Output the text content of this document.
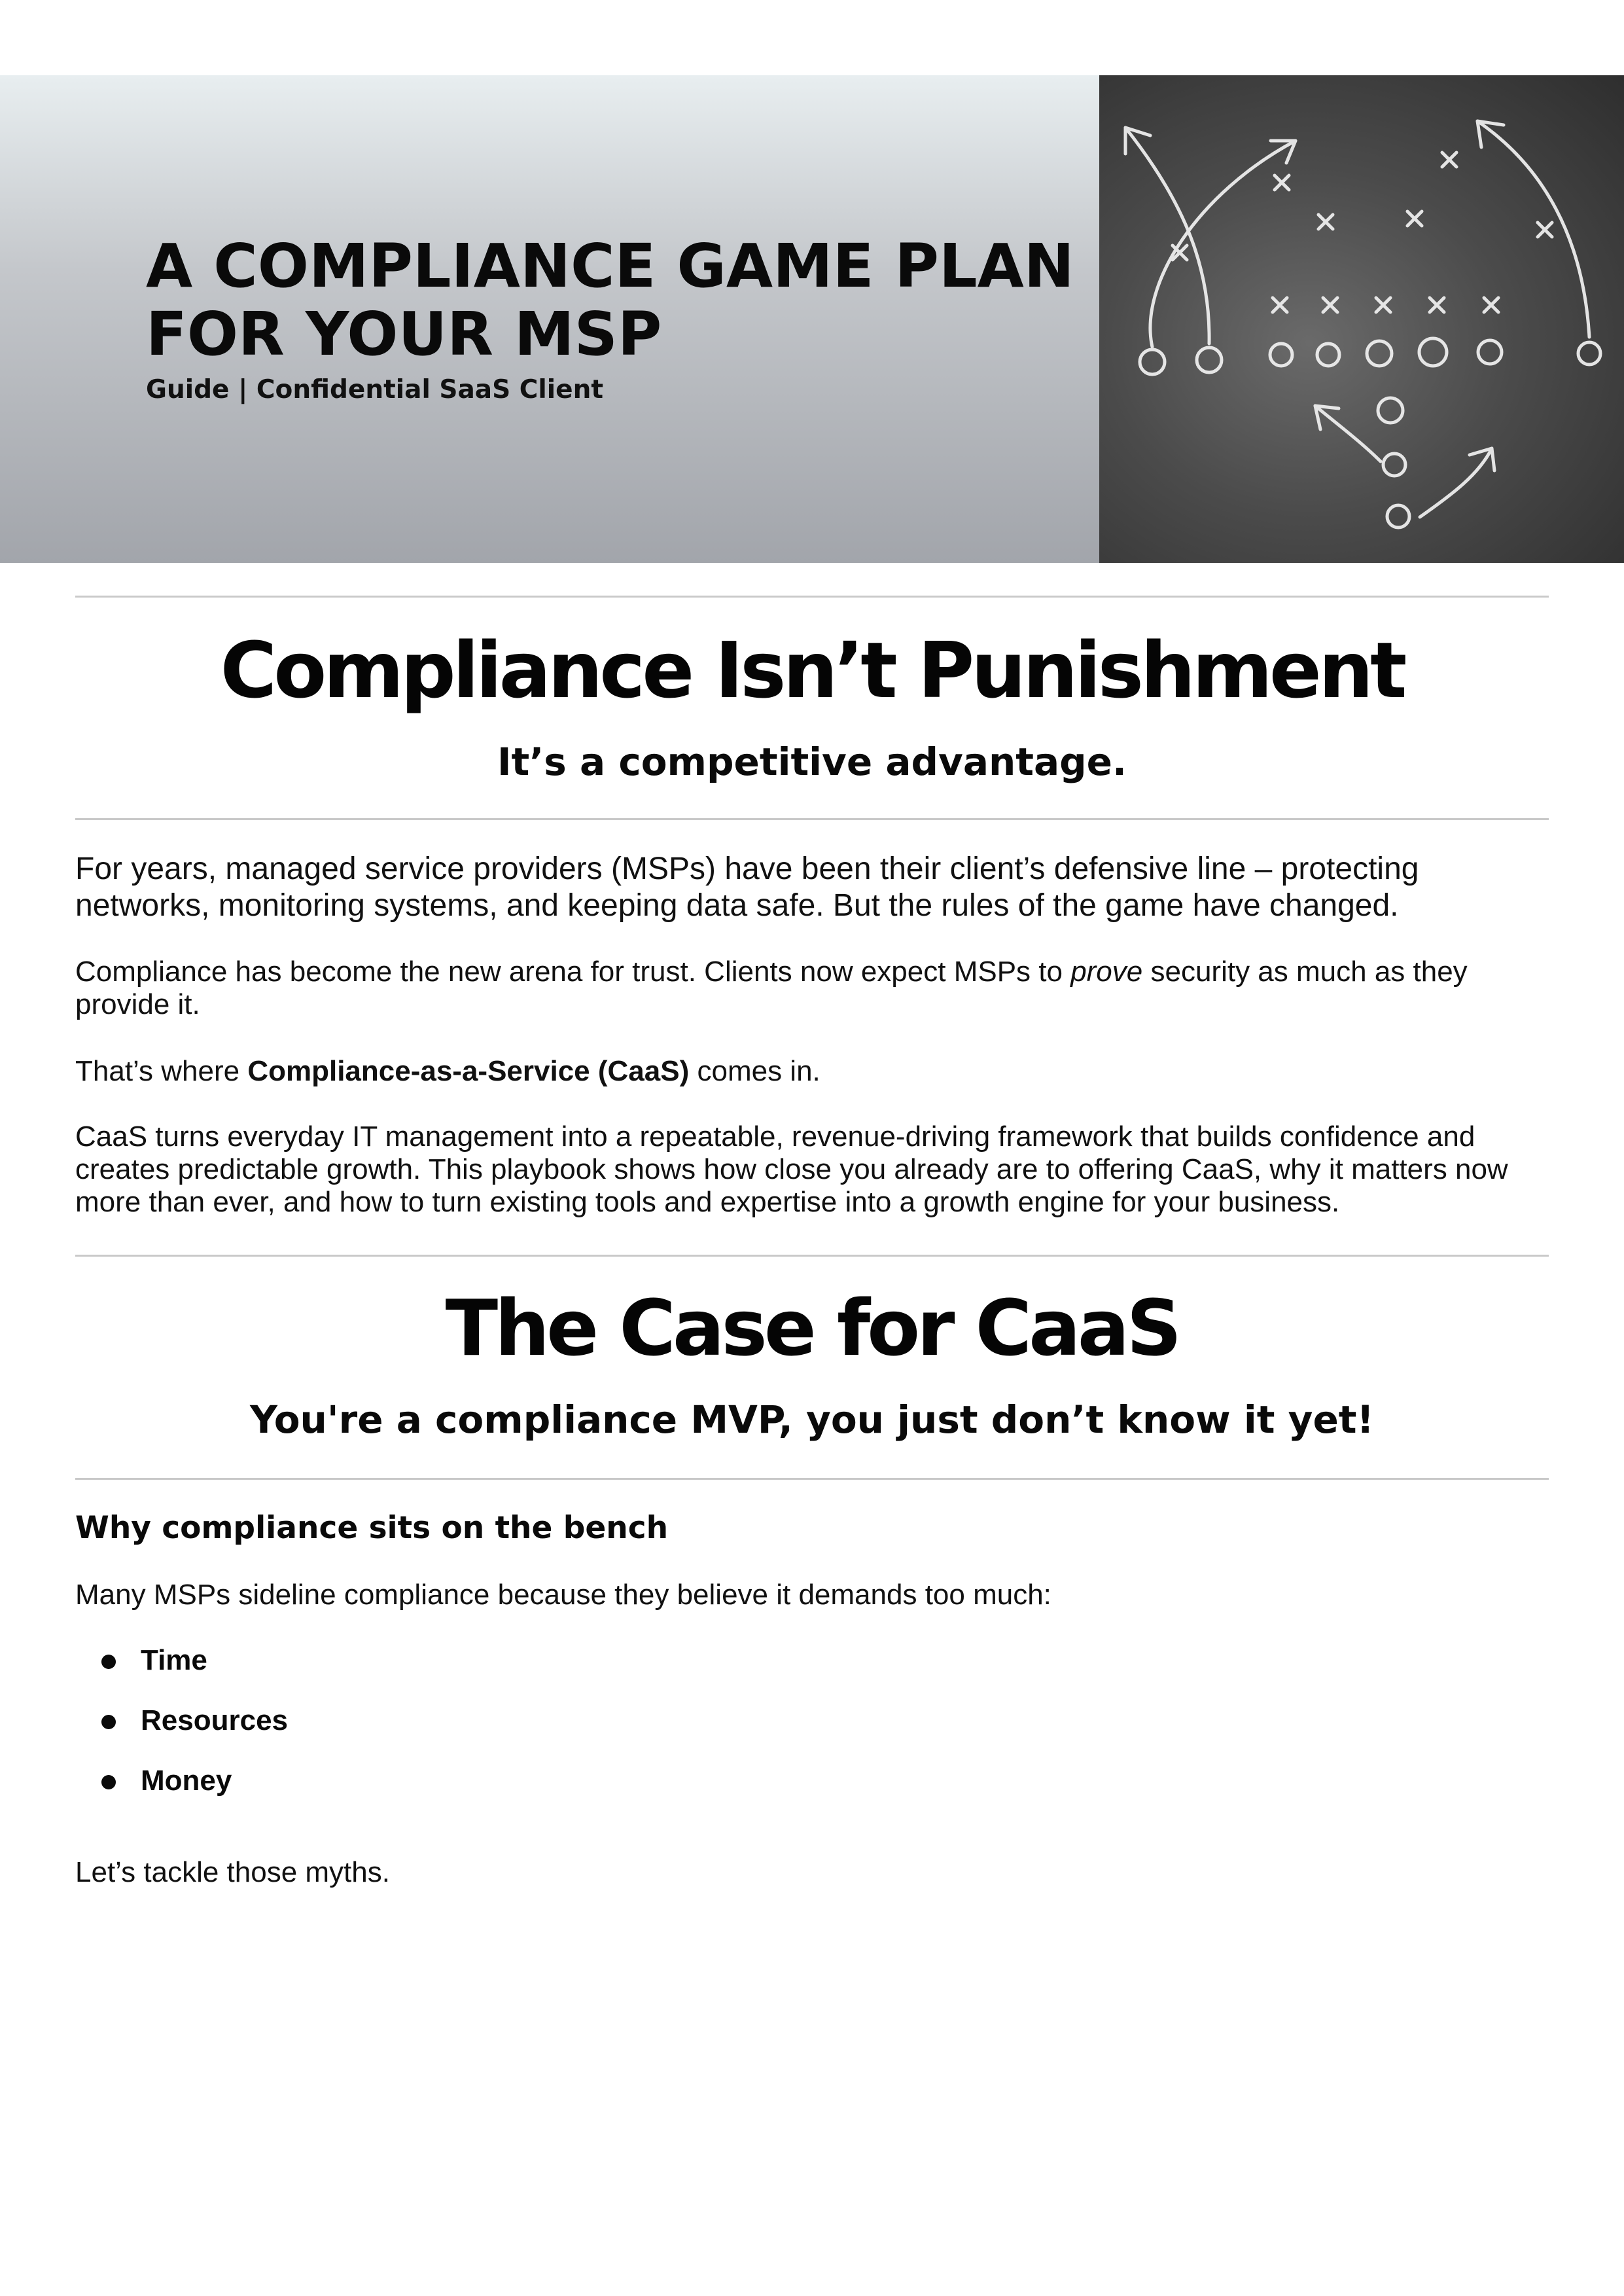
A COMPLIANCE GAME PLAN
FOR YOUR MSP

Guide | Confidential SaaS Client

Compliance Isn’t Punishment
It’s a competitive advantage.

For years, managed service providers (MSPs) have been their client’s defensive line – protecting networks, monitoring systems, and keeping data safe. But the rules of the game have changed.

Compliance has become the new arena for trust. Clients now expect MSPs to prove security as much as they provide it.

That’s where Compliance-as-a-Service (CaaS) comes in.

CaaS turns everyday IT management into a repeatable, revenue-driving framework that builds confidence and creates predictable growth. This playbook shows how close you already are to offering CaaS, why it matters now more than ever, and how to turn existing tools and expertise into a growth engine for your business.

The Case for CaaS
You're a compliance MVP, you just don’t know it yet!
Why compliance sits on the bench

Many MSPs sideline compliance because they believe it demands too much:

Time
Resources
Money

Let’s tackle those myths.
